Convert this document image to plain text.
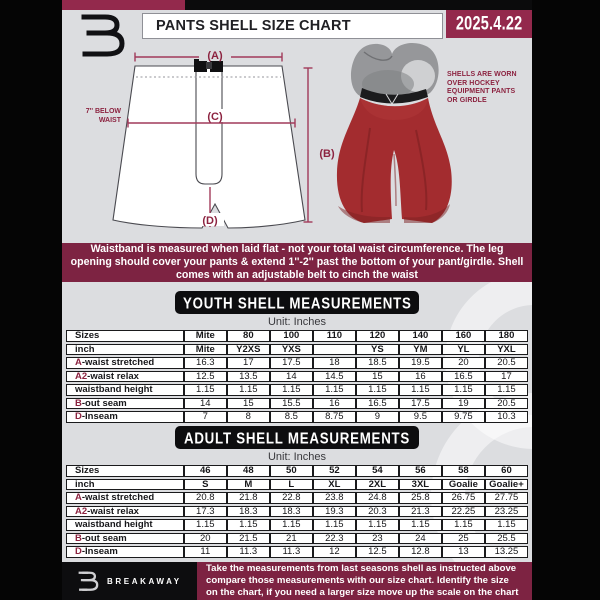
PANTS SHELL SIZE CHART	2025.4.22
(A)
(B)
(C)
(D)
7'' BELOW
WAIST
SHELLS ARE WORN OVER HOCKEY EQUIPMENT PANTS OR GIRDLE

Waistband is measured when laid flat - not your total waist circumference. The leg opening should cover your pants & extend 1''-2'' past the bottom of your pant/girdle. Shell comes with an adjustable belt to cinch the waist

YOUTH SHELL MEASUREMENTS
Unit: Inches
Sizes	Mite	80	100	110	120	140	160	180
inch	Mite	Y2XS	YXS		YS	YM	YL	YXL
A-waist stretched	16.3	17	17.5	18	18.5	19.5	20	20.5
A2-waist relax	12.5	13.5	14	14.5	15	16	16.5	17
waistband height	1.15	1.15	1.15	1.15	1.15	1.15	1.15	1.15
B-out seam	14	15	15.5	16	16.5	17.5	19	20.5
D-Inseam	7	8	8.5	8.75	9	9.5	9.75	10.3
ADULT SHELL MEASUREMENTS
Unit: Inches
Sizes	46	48	50	52	54	56	58	60
inch	S	M	L	XL	2XL	3XL	Goalie	Goalie+
A-waist stretched	20.8	21.8	22.8	23.8	24.8	25.8	26.75	27.75
A2-waist relax	17.3	18.3	18.3	19.3	20.3	21.3	22.25	23.25
waistband height	1.15	1.15	1.15	1.15	1.15	1.15	1.15	1.15
B-out seam	20	21.5	21	22.3	23	24	25	25.5
D-Inseam	11	11.3	11.3	12	12.5	12.8	13	13.25
BREAKAWAY

Take the measurements from last seasons shell as instructed above compare those measurements with our size chart. Identify the size on the chart, if you need a larger size move up the scale on the chart
